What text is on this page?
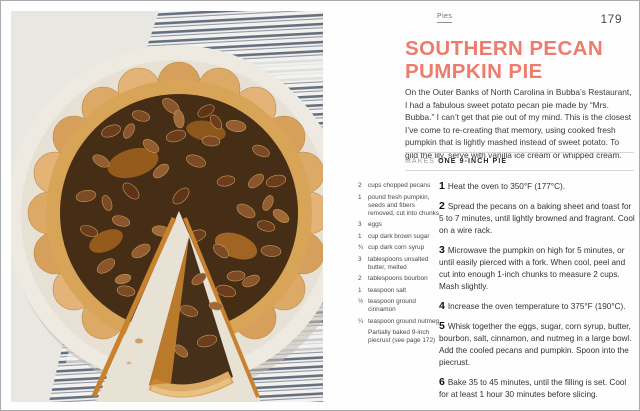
Pies	179
SOUTHERN PECAN
PUMPKIN PIE
On the Outer Banks of North Carolina in Bubba’s Restaurant, I had a fabulous sweet potato pecan pie made by “Mrs. Bubba.” I can’t get that pie out of my mind. This is the closest I’ve come to re-creating that memory, using cooked fresh pumpkin that is lightly mashed instead of sweet potato. To gild the lily, serve with vanilla ice cream or whipped cream.
MAKES ONE 9-INCH PIE
2	cups chopped pecans
1	pound fresh pumpkin, seeds and fibers removed, cut into chunks
3	eggs
1	cup dark brown sugar
¾ cup dark corn syrup
3	tablespoons unsalted butter, melted
2	tablespoons bourbon
1	teaspoon salt
½ teaspoon ground cinnamon
¼ teaspoon ground nutmeg
Partially baked 9-inch piecrust (see page 172)

1 Heat the oven to 350°F (177°C).

2 Spread the pecans on a baking sheet and toast for 5 to 7 minutes, until lightly browned and fragrant. Cool on a wire rack.

3 Microwave the pumpkin on high for 5 minutes, or until easily pierced with a fork. When cool, peel and cut into enough 1-inch chunks to measure 2 cups. Mash slightly.

4 Increase the oven temperature to 375°F (190°C).

5 Whisk together the eggs, sugar, corn syrup, butter, bourbon, salt, cinnamon, and nutmeg in a large bowl. Add the cooled pecans and pumpkin. Spoon into the piecrust.

6 Bake 35 to 45 minutes, until the filling is set. Cool for at least 1 hour 30 minutes before slicing.
